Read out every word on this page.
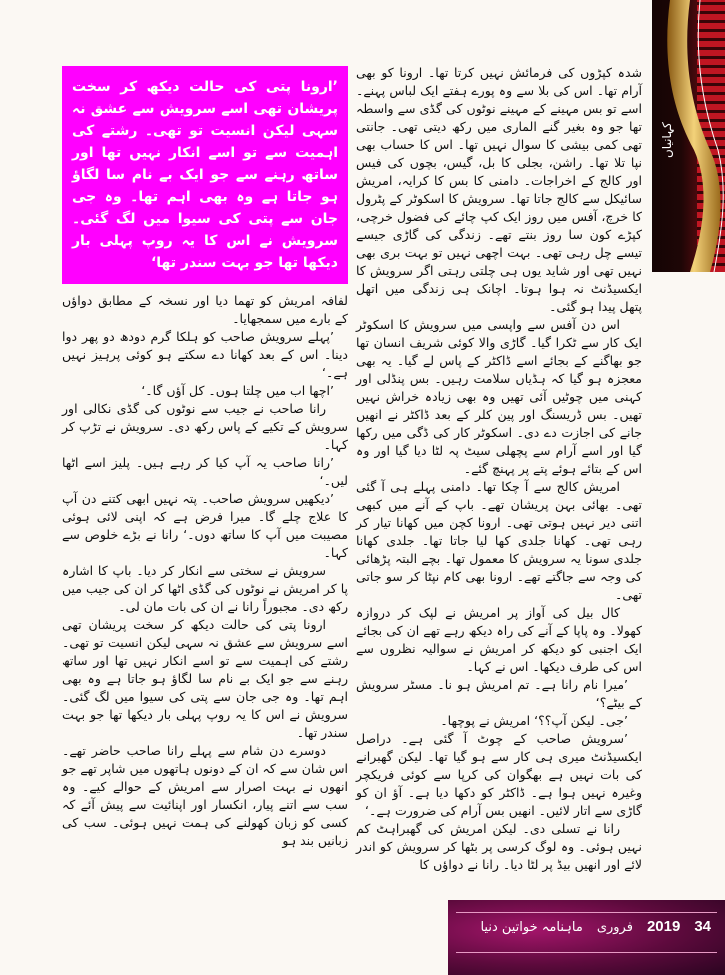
کہانیاں
’ارونا پتی کی حالت دیکھ کر سخت پریشان تھی اسے سرویش سے عشق نہ سہی لیکن انسیت تو تھی۔ رشتے کی اہمیت سے تو اسے انکار نہیں تھا اور ساتھ رہنے سے جو ایک بے نام سا لگاؤ ہو جاتا ہے وہ بھی اہم تھا۔ وہ جی جان سے پتی کی سیوا میں لگ گئی۔ سرویش نے اس کا یہ روپ پہلی بار دیکھا تھا جو بہت سندر تھا‘

لفافہ امریش کو تھما دیا اور نسخہ کے مطابق دواؤں کے بارے میں سمجھایا۔

’پہلے سرویش صاحب کو ہلکا گرم دودھ دو پھر دوا دینا۔ اس کے بعد کھانا دے سکتے ہو کوئی پرہیز نہیں ہے۔‘

’اچھا اب میں چلتا ہوں۔ کل آؤں گا۔‘

رانا صاحب نے جیب سے نوٹوں کی گڈی نکالی اور سرویش کے تکیے کے پاس رکھ دی۔ سرویش نے تڑپ کر کہا۔

’رانا صاحب یہ آپ کیا کر رہے ہیں۔ پلیز اسے اٹھا لیں۔‘

’دیکھیں سرویش صاحب۔ پتہ نہیں ابھی کتنے دن آپ کا علاج چلے گا۔ میرا فرض ہے کہ اپنی لائی ہوئی مصیبت میں آپ کا ساتھ دوں۔‘ رانا نے بڑے خلوص سے کہا۔

سرویش نے سختی سے انکار کر دیا۔ باپ کا اشارہ پا کر امریش نے نوٹوں کی گڈی اٹھا کر ان کی جیب میں رکھ دی۔ مجبوراً رانا نے ان کی بات مان لی۔

ارونا پتی کی حالت دیکھ کر سخت پریشان تھی اسے سرویش سے عشق نہ سہی لیکن انسیت تو تھی۔ رشتے کی اہمیت سے تو اسے انکار نہیں تھا اور ساتھ رہنے سے جو ایک بے نام سا لگاؤ ہو جاتا ہے وہ بھی اہم تھا۔ وہ جی جان سے پتی کی سیوا میں لگ گئی۔ سرویش نے اس کا یہ روپ پہلی بار دیکھا تھا جو بہت سندر تھا۔

دوسرے دن شام سے پہلے رانا صاحب حاضر تھے۔ اس شان سے کہ ان کے دونوں ہاتھوں میں شاپر تھے جو انھوں نے بہت اصرار سے امریش کے حوالے کیے۔ وہ سب سے اتنے پیار، انکسار اور اپنائیت سے پیش آئے کہ کسی کو زبان کھولنے کی ہمت نہیں ہوئی۔ سب کی زبانیں بند ہو

شدہ کپڑوں کی فرمائش نہیں کرتا تھا۔ ارونا کو بھی آرام تھا۔ اس کی بلا سے وہ پورے ہفتے ایک لباس پہنے۔ اسے تو بس مہینے کے مہینے نوٹوں کی گڈی سے واسطہ تھا جو وہ بغیر گنے الماری میں رکھ دیتی تھی۔ جانتی تھی کمی بیشی کا سوال نہیں تھا۔ اس کا حساب بھی نپا تلا تھا۔ راشن، بجلی کا بل، گیس، بچوں کی فیس اور کالج کے اخراجات۔ دامنی کا بس کا کرایہ، امریش سائیکل سے کالج جاتا تھا۔ سرویش کا اسکوٹر کے پٹرول کا خرچ، آفس میں روز ایک کپ چائے کی فضول خرچی، کپڑے کون سا روز بنتے تھے۔ زندگی کی گاڑی جیسے تیسے چل رہی تھی۔ بہت اچھی نہیں تو بہت بری بھی نہیں تھی اور شاید یوں ہی چلتی رہتی اگر سرویش کا ایکسیڈنٹ نہ ہوا ہوتا۔ اچانک ہی زندگی میں اتھل پتھل پیدا ہو گئی۔

اس دن آفس سے واپسی میں سرویش کا اسکوٹر ایک کار سے ٹکرا گیا۔ گاڑی والا کوئی شریف انسان تھا جو بھاگنے کے بجائے اسے ڈاکٹر کے پاس لے گیا۔ یہ بھی معجزہ ہو گیا کہ ہڈیاں سلامت رہیں۔ بس پنڈلی اور کہنی میں چوٹیں آئی تھیں وہ بھی زیادہ خراش نہیں تھیں۔ بس ڈریسنگ اور پین کلر کے بعد ڈاکٹر نے انھیں جانے کی اجازت دے دی۔ اسکوٹر کار کی ڈگی میں رکھا گیا اور اسے آرام سے پچھلی سیٹ پہ لٹا دیا گیا اور وہ اس کے بتائے ہوئے پتے پر پہنچ گئے۔

امریش کالج سے آ چکا تھا۔ دامنی پہلے ہی آ گئی تھی۔ بھائی بہن پریشان تھے۔ باپ کے آنے میں کبھی اتنی دیر نہیں ہوتی تھی۔ ارونا کچن میں کھانا تیار کر رہی تھی۔ کھانا جلدی کھا لیا جاتا تھا۔ جلدی کھانا جلدی سونا یہ سرویش کا معمول تھا۔ بچے البتہ پڑھائی کی وجہ سے جاگتے تھے۔ ارونا بھی کام نپٹا کر سو جاتی تھی۔

کال بیل کی آواز پر امریش نے لپک کر دروازہ کھولا۔ وہ پاپا کے آنے کی راہ دیکھ رہے تھے ان کی بجائے ایک اجنبی کو دیکھ کر امریش نے سوالیہ نظروں سے اس کی طرف دیکھا۔ اس نے کہا۔

’میرا نام رانا ہے۔ تم امریش ہو نا۔ مسٹر سرویش کے بیٹے؟‘

’جی۔ لیکن آپ؟؟‘ امریش نے پوچھا۔

’سرویش صاحب کے چوٹ آ گئی ہے۔ دراصل ایکسیڈنٹ میری ہی کار سے ہو گیا تھا۔ لیکن گھبرانے کی بات نہیں ہے بھگوان کی کرپا سے کوئی فریکچر وغیرہ نہیں ہوا ہے۔ ڈاکٹر کو دکھا دیا ہے۔ آؤ ان کو گاڑی سے اتار لائیں۔ انھیں بس آرام کی ضرورت ہے۔‘

رانا نے تسلی دی۔ لیکن امریش کی گھبراہٹ کم نہیں ہوئی۔ وہ لوگ کرسی پر بٹھا کر سرویش کو اندر لائے اور انھیں بیڈ پر لٹا دیا۔ رانا نے دواؤں کا

34
2019
فروری
ماہنامہ خواتین دنیا
